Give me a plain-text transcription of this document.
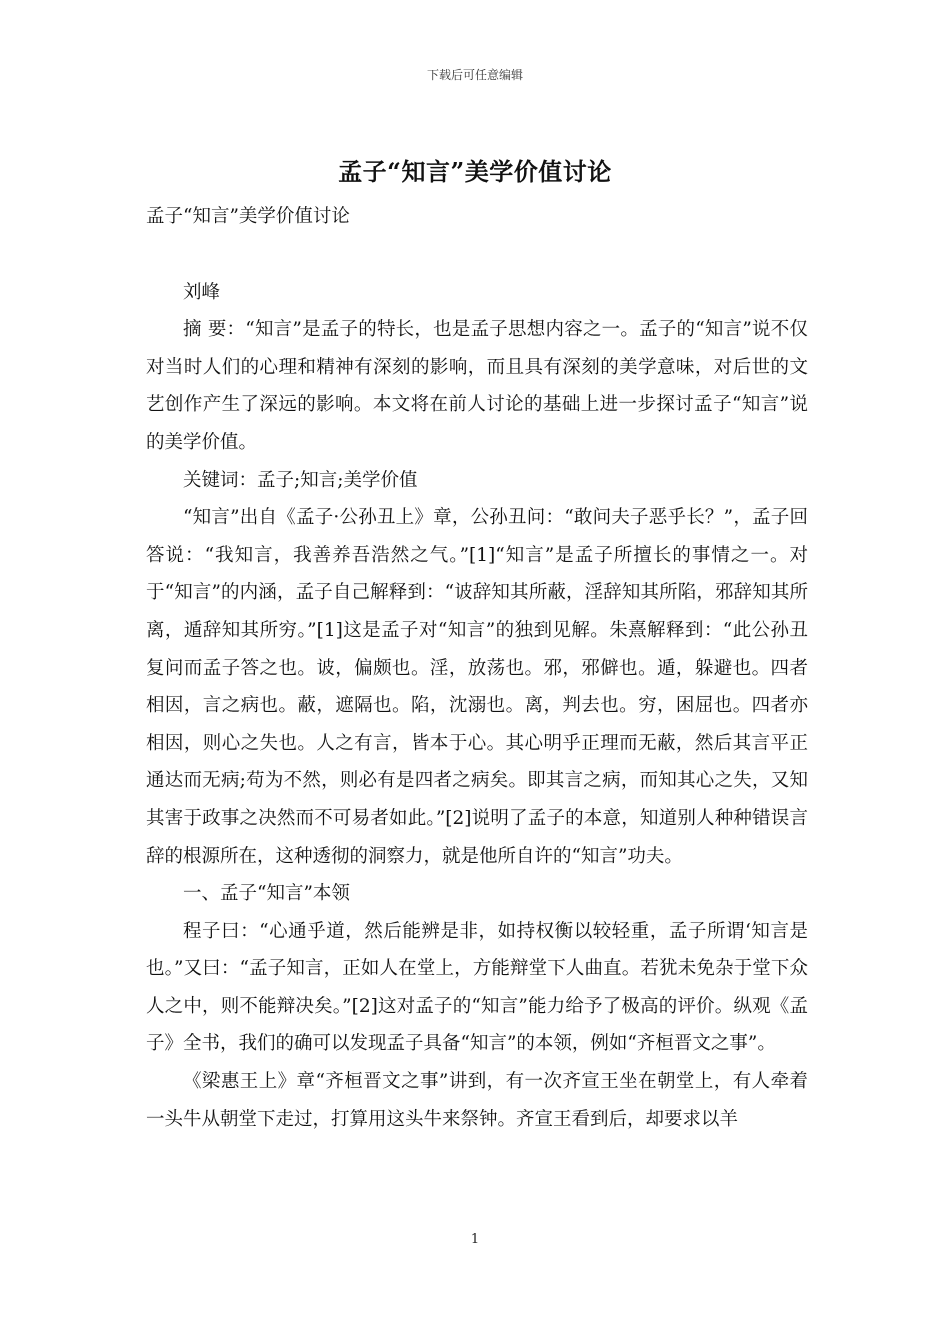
下载后可任意编辑
孟子“知言”美学价值讨论

孟子“知言”美学价值讨论

刘峰

摘 要：“知言”是孟子的特长，也是孟子思想内容之一。孟子的“知言”说不仅对当时人们的心理和精神有深刻的影响，而且具有深刻的美学意味，对后世的文艺创作产生了深远的影响。本文将在前人讨论的基础上进一步探讨孟子“知言”说的美学价值。

关键词：孟子;知言;美学价值

“知言”出自《孟子·公孙丑上》章，公孙丑问：“敢问夫子恶乎长？”，孟子回答说：“我知言，我善养吾浩然之气。”[1]“知言”是孟子所擅长的事情之一。对于“知言”的内涵，孟子自己解释到：“诐辞知其所蔽，淫辞知其所陷，邪辞知其所离，遁辞知其所穷。”[1]这是孟子对“知言”的独到见解。朱熹解释到：“此公孙丑复问而孟子答之也。诐，偏颇也。淫，放荡也。邪，邪僻也。遁，躲避也。四者相因，言之病也。蔽，遮隔也。陷，沈溺也。离，判去也。穷，困屈也。四者亦相因，则心之失也。人之有言，皆本于心。其心明乎正理而无蔽，然后其言平正通达而无病;苟为不然，则必有是四者之病矣。即其言之病，而知其心之失，又知其害于政事之决然而不可易者如此。”[2]说明了孟子的本意，知道别人种种错误言辞的根源所在，这种透彻的洞察力，就是他所自许的“知言”功夫。

一、孟子“知言”本领

程子曰：“心通乎道，然后能辨是非，如持权衡以较轻重，孟子所谓‘知言是也。”又曰：“孟子知言，正如人在堂上，方能辩堂下人曲直。若犹未免杂于堂下众人之中，则不能辩决矣。”[2]这对孟子的“知言”能力给予了极高的评价。纵观《孟子》全书，我们的确可以发现孟子具备“知言”的本领，例如“齐桓晋文之事”。

《梁惠王上》章“齐桓晋文之事”讲到，有一次齐宣王坐在朝堂上，有人牵着一头牛从朝堂下走过，打算用这头牛来祭钟。齐宣王看到后，却要求以羊

1
